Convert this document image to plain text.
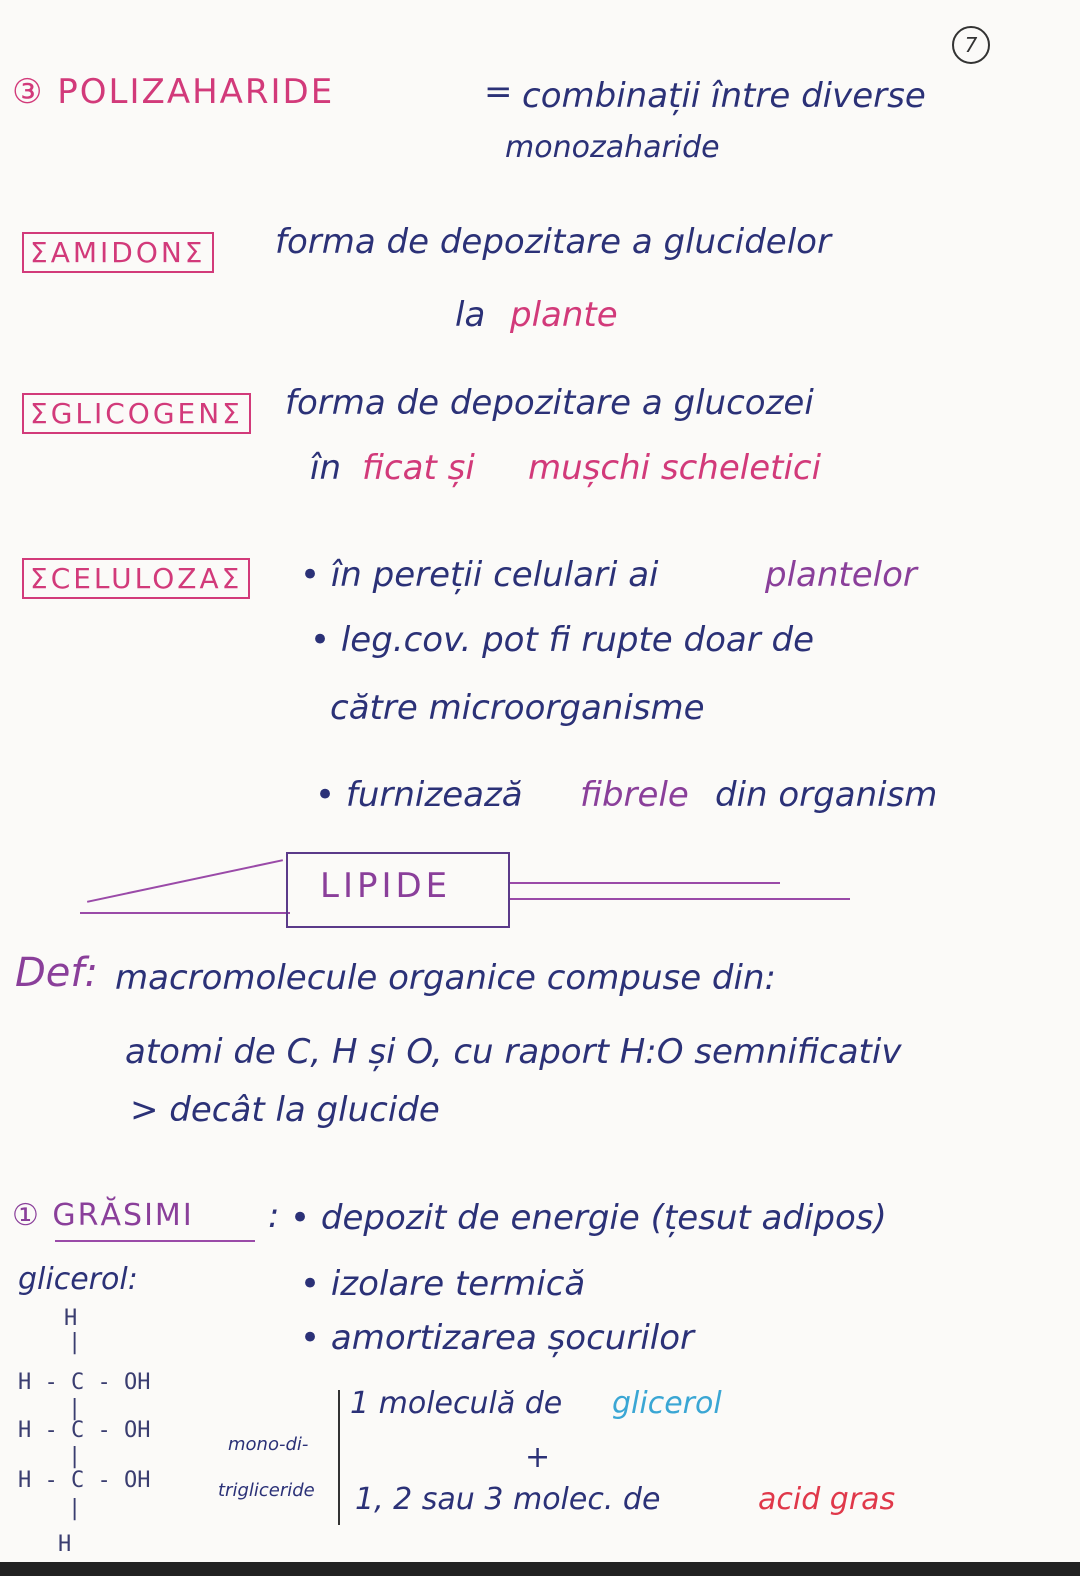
7
③ POLIZAHARIDE	= combinații între diverse
monozaharide
ΣAMIDONΣ forma de depozitare a glucidelor
la plante
ΣGLICOGENΣ forma de depozitare a glucozei
în ficat și mușchi scheletici
ΣCELULOZAΣ • în pereții celulari ai	plantelor
• leg.cov. pot fi rupte doar de
către microorganisme
• furnizează fibrele din organism
LIPIDE
Def: macromolecule organice compuse din:
atomi de C, H și O, cu raport H:O semnificativ
> decât la glucide
① GRĂSIMI : • depozit de energie (țesut adipos)
• izolare termică
• amortizarea șocurilor
glicerol:
H
|
H - C - OH
|
H - C - OH
|
H - C - OH
|
H
mono-di-
trigliceride
1 moleculă de glicerol
+
1, 2 sau 3 molec. de	acid gras
